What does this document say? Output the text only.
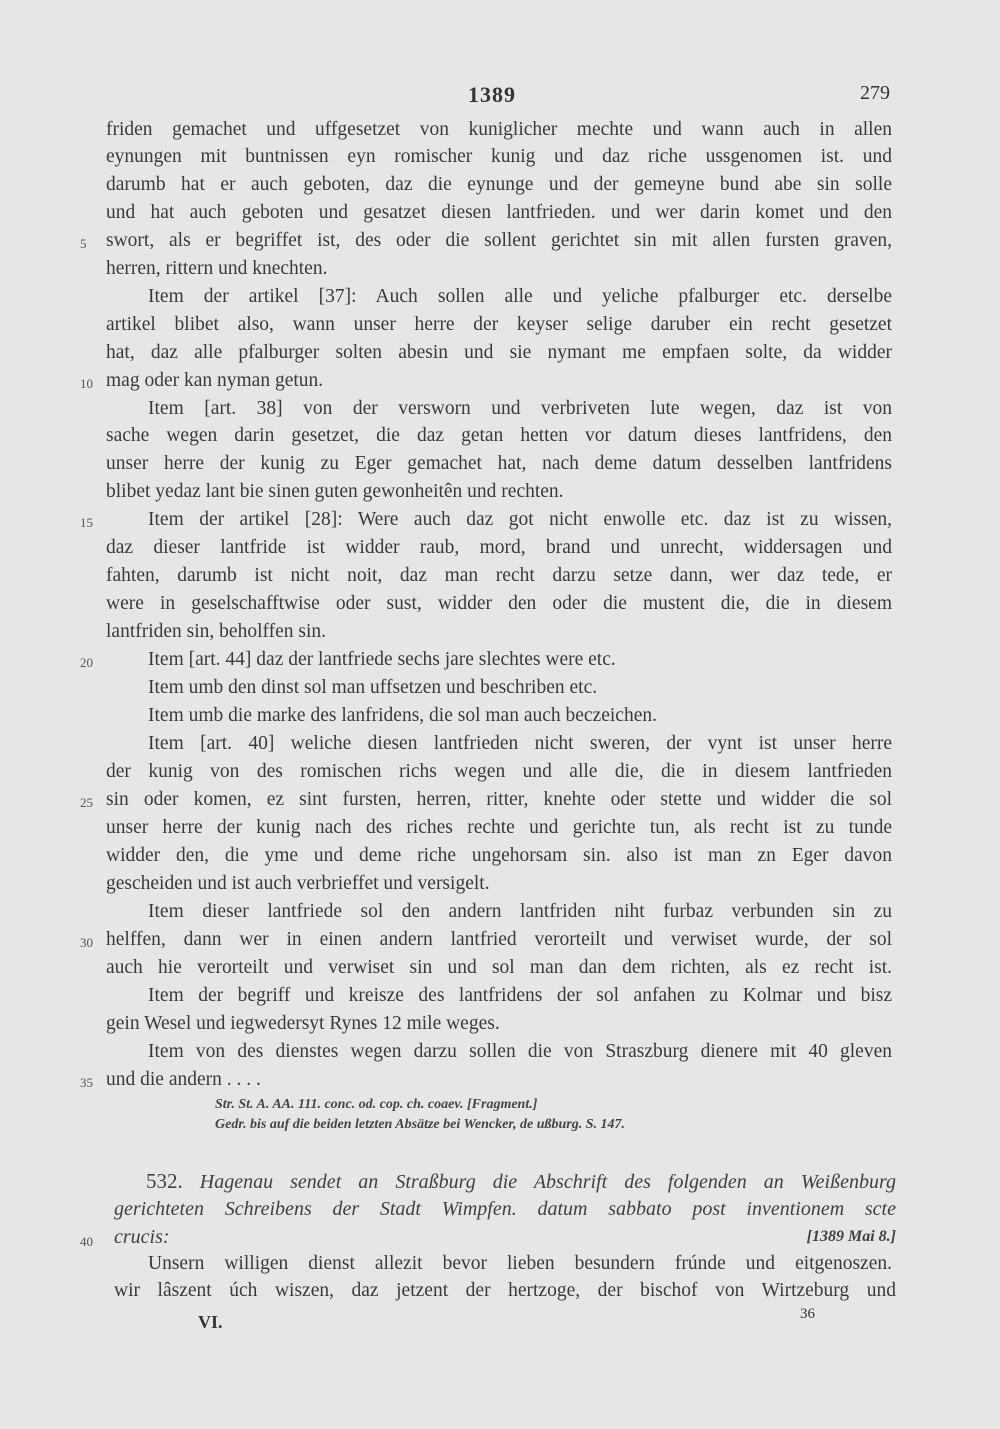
1389	279
friden gemachet und uffgesetzet von kuniglicher mechte und wann auch in allen
eynungen mit buntnissen eyn romischer kunig und daz riche ussgenomen ist. und
darumb hat er auch geboten, daz die eynunge und der gemeyne bund abe sin solle
und hat auch geboten und gesatzet diesen lantfrieden. und wer darin komet und den
swort, als er begriffet ist, des oder die sollent gerichtet sin mit allen fursten graven,
herren, rittern und knechten.
Item der artikel [37]: Auch sollen alle und yeliche pfalburger etc. derselbe
artikel blibet also, wann unser herre der keyser selige daruber ein recht gesetzet
hat, daz alle pfalburger solten abesin und sie nymant me empfaen solte, da widder
mag oder kan nyman getun.
Item [art. 38] von der versworn und verbriveten lute wegen, daz ist von
sache wegen darin gesetzet, die daz getan hetten vor datum dieses lantfridens, den
unser herre der kunig zu Eger gemachet hat, nach deme datum desselben lantfridens
blibet yedaz lant bie sinen guten gewonheitên und rechten.
Item der artikel [28]: Were auch daz got nicht enwolle etc. daz ist zu wissen,
daz dieser lantfride ist widder raub, mord, brand und unrecht, widdersagen und
fahten, darumb ist nicht noit, daz man recht darzu setze dann, wer daz tede, er
were in geselschafftwise oder sust, widder den oder die mustent die, die in diesem
lantfriden sin, beholffen sin.
Item [art. 44] daz der lantfriede sechs jare slechtes were etc.
Item umb den dinst sol man uffsetzen und beschriben etc.
Item umb die marke des lanfridens, die sol man auch beczeichen.
Item [art. 40] weliche diesen lantfrieden nicht sweren, der vynt ist unser herre
der kunig von des romischen richs wegen und alle die, die in diesem lantfrieden
sin oder komen, ez sint fursten, herren, ritter, knehte oder stette und widder die sol
unser herre der kunig nach des riches rechte und gerichte tun, als recht ist zu tunde
widder den, die yme und deme riche ungehorsam sin. also ist man zn Eger davon
gescheiden und ist auch verbrieffet und versigelt.
Item dieser lantfriede sol den andern lantfriden niht furbaz verbunden sin zu
helffen, dann wer in einen andern lantfried verorteilt und verwiset wurde, der sol
auch hie verorteilt und verwiset sin und sol man dan dem richten, als ez recht ist.
Item der begriff und kreisze des lantfridens der sol anfahen zu Kolmar und bisz
gein Wesel und iegwedersyt Rynes 12 mile weges.
Item von des dienstes wegen darzu sollen die von Straszburg dienere mit 40 gleven
und die andern . . . .
5
10
15
20
25
30
35
40
Str. St. A. AA. 111. conc. od. cop. ch. coaev. [Fragment.]
Gedr. bis auf die beiden letzten Absätze bei Wencker, de ußburg. S. 147.
532. Hagenau sendet an Straßburg die Abschrift des folgenden an Weißenburg
gerichteten Schreibens der Stadt Wimpfen. datum sabbato post inventionem scte
crucis:	[1389 Mai 8.]
Unsern willigen dienst allezit bevor lieben besundern frúnde und eitgenoszen.
wir lâszent úch wiszen, daz jetzent der hertzoge, der bischof von Wirtzeburg und
VI.	36
